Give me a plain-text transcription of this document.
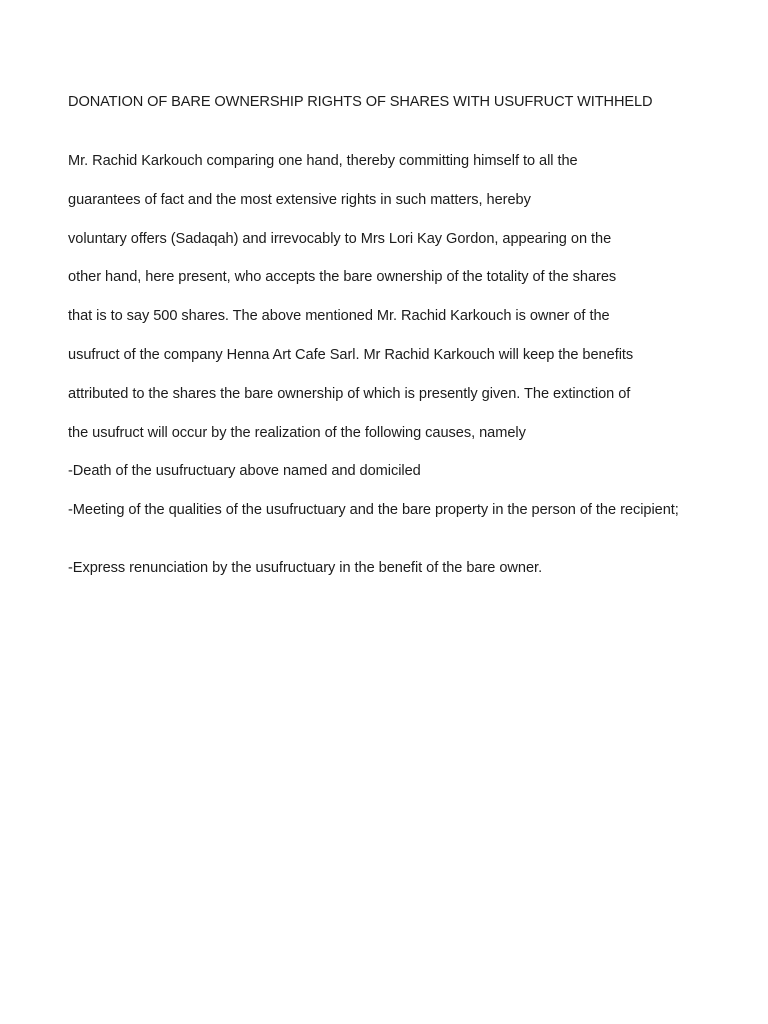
DONATION OF BARE OWNERSHIP RIGHTS OF SHARES WITH USUFRUCT WITHHELD
Mr. Rachid Karkouch comparing one hand, thereby committing himself to all the
guarantees of fact and the most extensive rights in such matters, hereby
voluntary offers (Sadaqah) and irrevocably to Mrs Lori Kay Gordon, appearing on the
other hand, here present, who accepts the bare ownership of the totality of the shares
that is to say 500 shares. The above mentioned Mr. Rachid Karkouch is owner of the
usufruct of the company Henna Art Cafe Sarl. Mr Rachid Karkouch will keep the benefits
attributed to the shares the bare ownership of which is presently given. The extinction of
the usufruct will occur by the realization of the following causes, namely
-Death of the usufructuary above named and domiciled
-Meeting of the qualities of the usufructuary and the bare property in the person of the recipient;
-Express renunciation by the usufructuary in the benefit of the bare owner.
